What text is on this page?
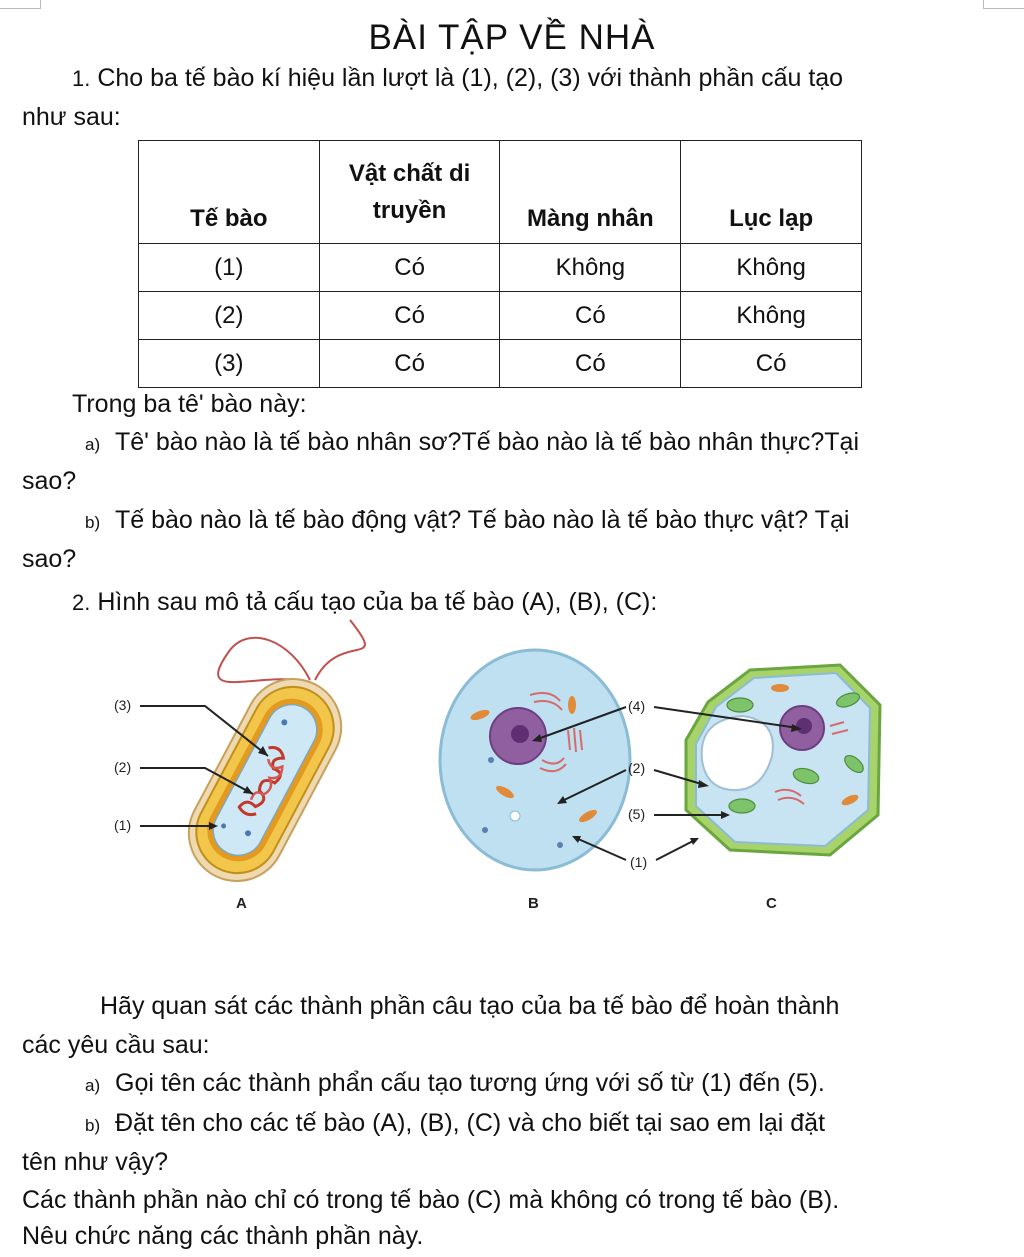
BÀI TẬP VỀ NHÀ
1. Cho ba tế bào kí hiệu lần lượt là (1), (2), (3) với thành phần cấu tạo
như sau:
Tế bào	Vật chất di
truyền	Màng nhân	Lục lạp
(1)	Có	Không	Không
(2)	Có	Có	Không
(3)	Có	Có	Có
Trong ba tê' bào này:
a) Tê' bào nào là tế bào nhân sơ?Tế bào nào là tế bào nhân thực?Tại
sao?
b) Tế bào nào là tế bào động vật? Tế bào nào là tế bào thực vật? Tại
sao?
2. Hình sau mô tả cấu tạo của ba tế bào (A), (B), (C):
(3)
(2)
(1)
A	B	C
(4)
(2)
(5)
(1)
Hãy quan sát các thành phần câu tạo của ba tế bào để hoàn thành
các yêu cầu sau:
a) Gọi tên các thành phẩn cấu tạo tương ứng với số từ (1) đến (5).
b) Đặt tên cho các tế bào (A), (B), (C) và cho biết tại sao em lại đặt
tên như vậy?
Các thành phần nào chỉ có trong tế bào (C) mà không có trong tế bào (B).
Nêu chức năng các thành phần này.
